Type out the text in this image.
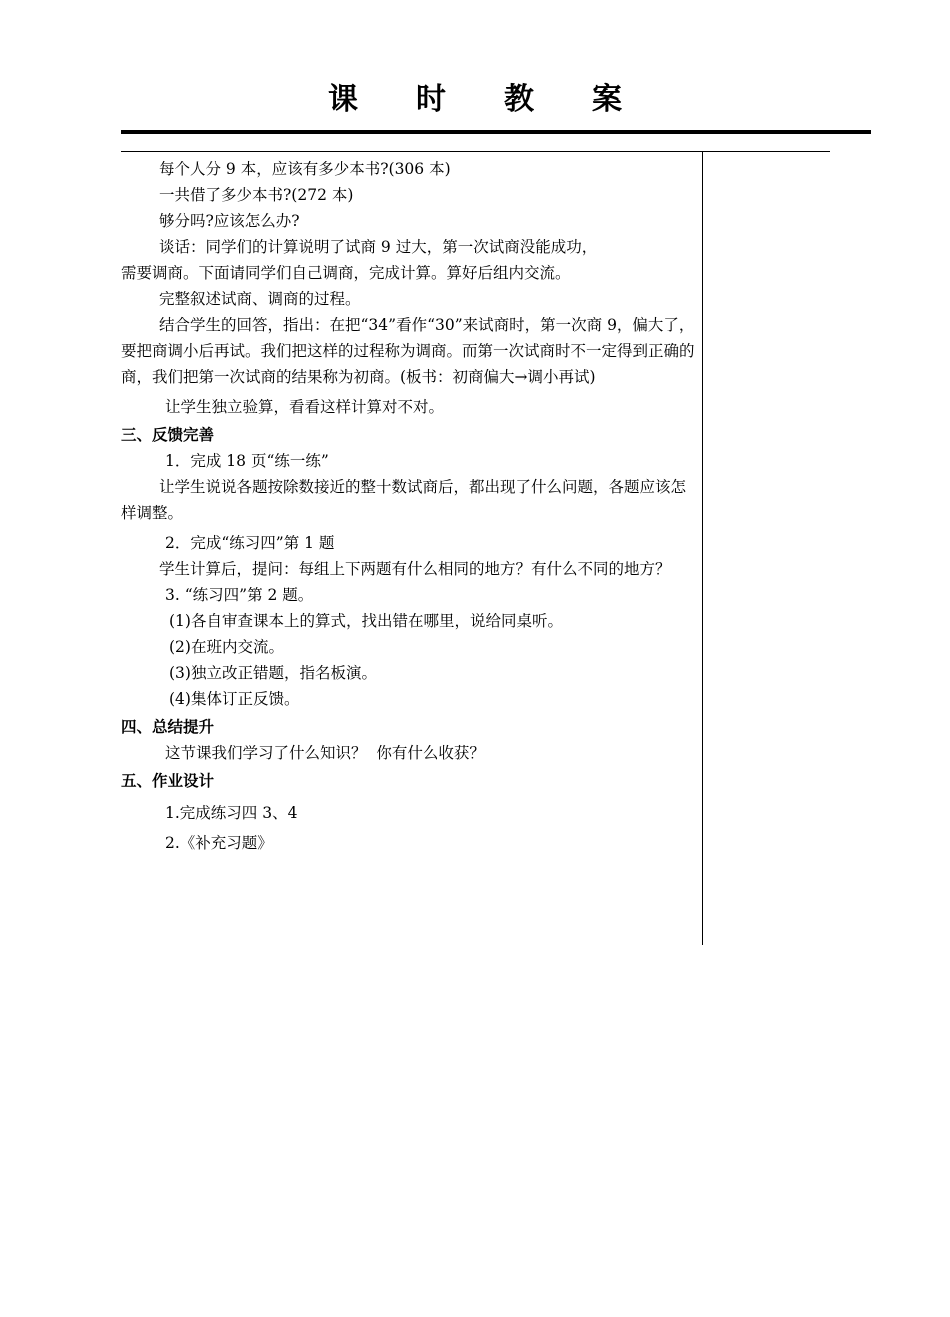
课时教案
每个人分 9 本，应该有多少本书?(306 本)
一共借了多少本书?(272 本)
够分吗?应该怎么办?
谈话：同学们的计算说明了试商 9 过大，第一次试商没能成功，
需要调商。下面请同学们自己调商，完成计算。算好后组内交流。
完整叙述试商、调商的过程。
结合学生的回答，指出：在把“34”看作“30”来试商时，第一次商 9，偏大了，要把商调小后再试。我们把这样的过程称为调商。而第一次试商时不一定得到正确的商，我们把第一次试商的结果称为初商。(板书：初商偏大→调小再试)
让学生独立验算，看看这样计算对不对。
三、反馈完善
1．完成 18 页“练一练”
让学生说说各题按除数接近的整十数试商后，都出现了什么问题，各题应该怎样调整。
2．完成“练习四”第 1 题
学生计算后，提问：每组上下两题有什么相同的地方？有什么不同的地方？
3. “练习四”第 2 题。
(1)各自审查课本上的算式，找出错在哪里，说给同桌听。
(2)在班内交流。
(3)独立改正错题，指名板演。
(4)集体订正反馈。
四、总结提升
这节课我们学习了什么知识？  你有什么收获？
五、作业设计
1.完成练习四 3、4
2.《补充习题》
